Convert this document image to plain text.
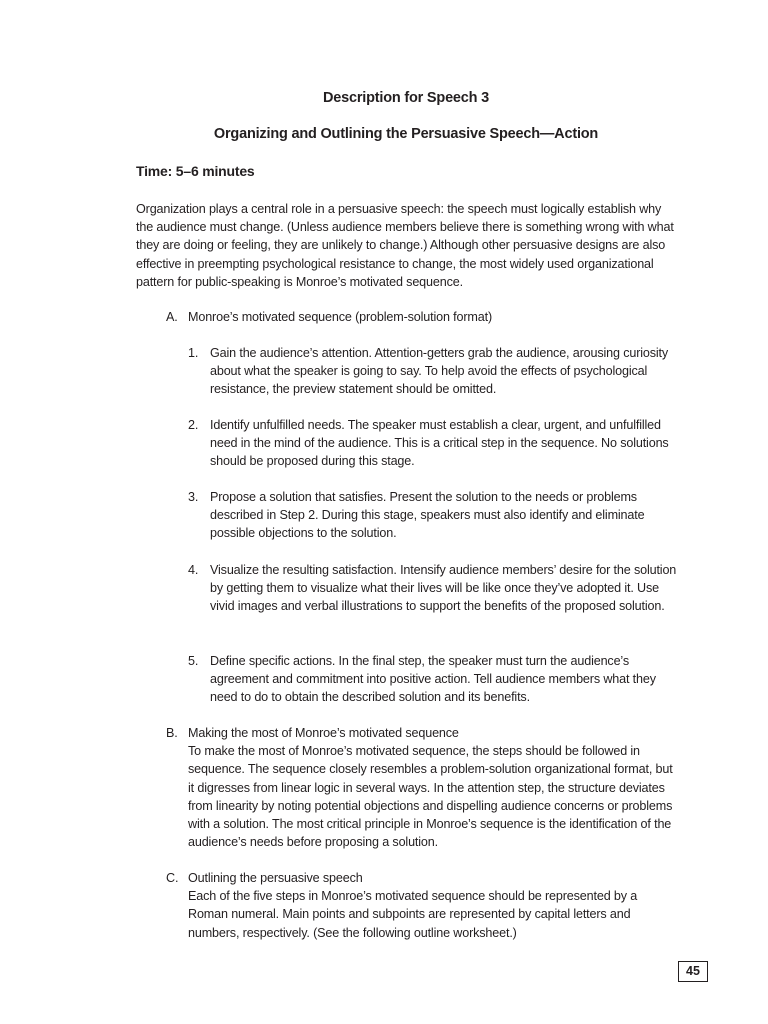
Description for Speech 3
Organizing and Outlining the Persuasive Speech—Action
Time: 5–6 minutes
Organization plays a central role in a persuasive speech: the speech must logically establish why the audience must change. (Unless audience members believe there is something wrong with what they are doing or feeling, they are unlikely to change.) Although other persuasive designs are also effective in preempting psychological resistance to change, the most widely used organizational pattern for public-speaking is Monroe’s motivated sequence.
A. Monroe’s motivated sequence (problem-solution format)
1. Gain the audience’s attention. Attention-getters grab the audience, arousing curiosity about what the speaker is going to say. To help avoid the effects of psychological resistance, the preview statement should be omitted.
2. Identify unfulfilled needs. The speaker must establish a clear, urgent, and unfulfilled need in the mind of the audience. This is a critical step in the sequence. No solutions should be proposed during this stage.
3. Propose a solution that satisfies. Present the solution to the needs or problems described in Step 2. During this stage, speakers must also identify and eliminate possible objections to the solution.
4. Visualize the resulting satisfaction. Intensify audience members’ desire for the solution by getting them to visualize what their lives will be like once they’ve adopted it. Use vivid images and verbal illustrations to support the benefits of the proposed solution.
5. Define specific actions. In the final step, the speaker must turn the audience’s agreement and commitment into positive action. Tell audience members what they need to do to obtain the described solution and its benefits.
B. Making the most of Monroe’s motivated sequence
To make the most of Monroe’s motivated sequence, the steps should be followed in sequence. The sequence closely resembles a problem-solution organizational format, but it digresses from linear logic in several ways. In the attention step, the structure deviates from linearity by noting potential objections and dispelling audience concerns or problems with a solution. The most critical principle in Monroe’s sequence is the identification of the audience’s needs before proposing a solution.
C. Outlining the persuasive speech
Each of the five steps in Monroe’s motivated sequence should be represented by a Roman numeral. Main points and subpoints are represented by capital letters and numbers, respectively. (See the following outline worksheet.)
45
